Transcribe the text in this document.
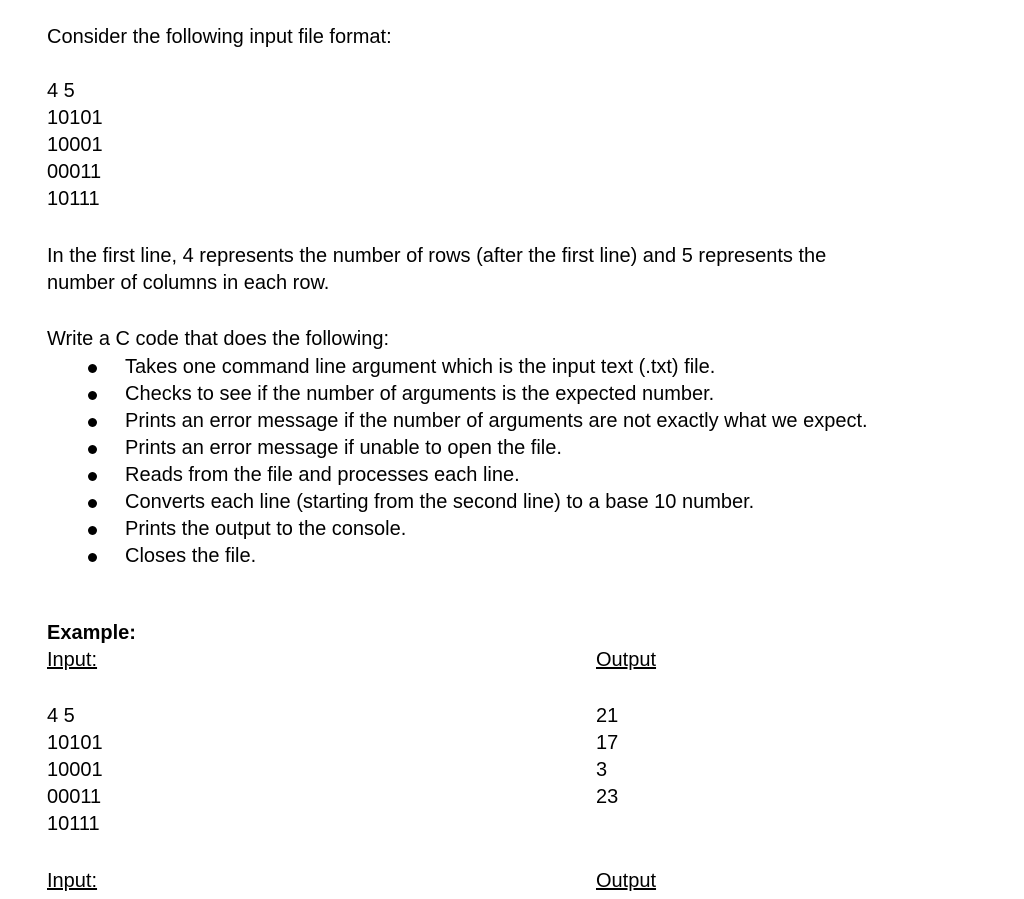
Consider the following input file format:
4 5
10101
10001
00011
10111
In the first line, 4 represents the number of rows (after the first line) and 5 represents the
number of columns in each row.
Write a C code that does the following:
Takes one command line argument which is the input text (.txt) file.
Checks to see if the number of arguments is the expected number.
Prints an error message if the number of arguments are not exactly what we expect.
Prints an error message if unable to open the file.
Reads from the file and processes each line.
Converts each line (starting from the second line) to a base 10 number.
Prints the output to the console.
Closes the file.
Example:
Input:	Output
4 5
10101
10001
00011
10111
21
17
3
23
Input:	Output
